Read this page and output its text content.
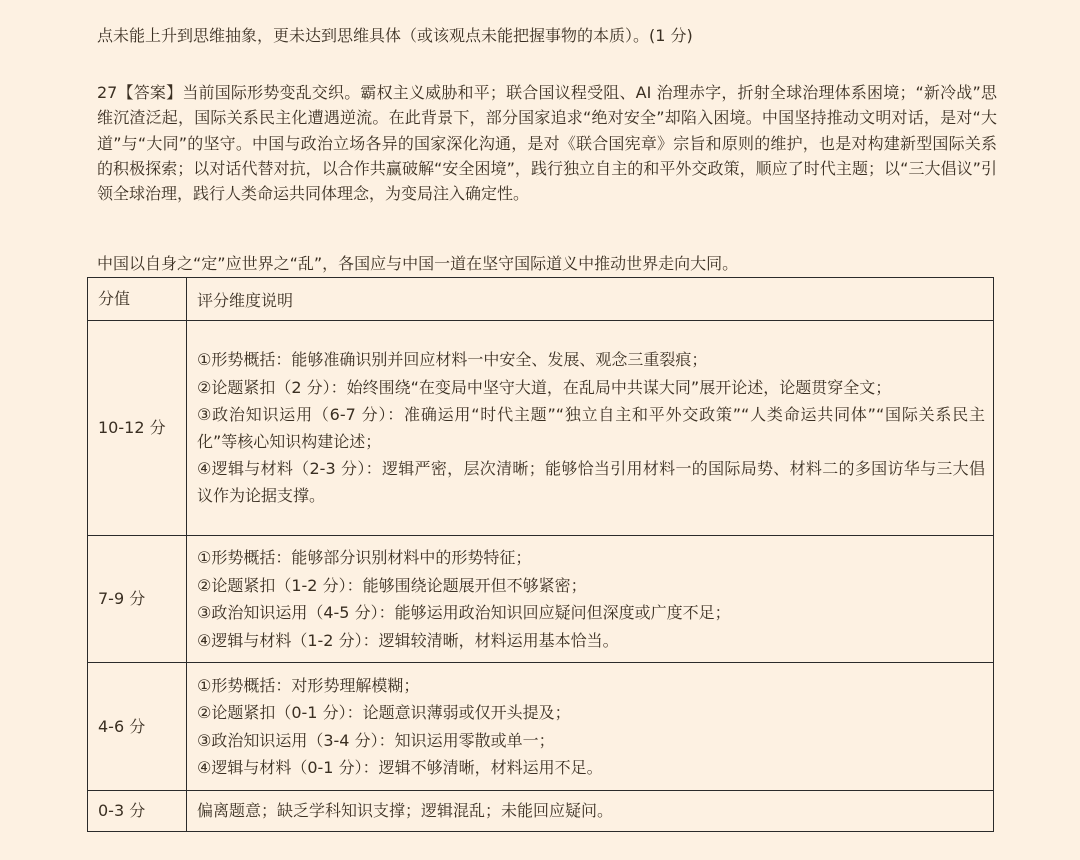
点未能上升到思维抽象，更未达到思维具体（或该观点未能把握事物的本质）。(1 分)

27【答案】当前国际形势变乱交织。霸权主义威胁和平；联合国议程受阻、AI 治理赤字，折射全球治理体系困境；“新冷战”思维沉渣泛起，国际关系民主化遭遇逆流。在此背景下，部分国家追求“绝对安全”却陷入困境。中国坚持推动文明对话，是对“大道”与“大同”的坚守。中国与政治立场各异的国家深化沟通，是对《联合国宪章》宗旨和原则的维护，也是对构建新型国际关系的积极探索；以对话代替对抗，以合作共赢破解“安全困境”，践行独立自主的和平外交政策，顺应了时代主题；以“三大倡议”引领全球治理，践行人类命运共同体理念，为变局注入确定性。

中国以自身之“定”应世界之“乱”，各国应与中国一道在坚守国际道义中推动世界走向大同。
分值	评分维度说明
10-12 分	①形势概括：能够准确识别并回应材料一中安全、发展、观念三重裂痕；
②论题紧扣（2 分）：始终围绕“在变局中坚守大道，在乱局中共谋大同”展开论述，论题贯穿全文；
③政治知识运用（6-7 分）：准确运用“时代主题”“独立自主和平外交政策”“人类命运共同体”“国际关系民主化”等核心知识构建论述；
④逻辑与材料（2-3 分）：逻辑严密，层次清晰；能够恰当引用材料一的国际局势、材料二的多国访华与三大倡议作为论据支撑。

7-9 分	①形势概括：能够部分识别材料中的形势特征；
②论题紧扣（1-2 分）：能够围绕论题展开但不够紧密；
③政治知识运用（4-5 分）：能够运用政治知识回应疑问但深度或广度不足；
④逻辑与材料（1-2 分）：逻辑较清晰，材料运用基本恰当。

4-6 分	①形势概括：对形势理解模糊；
②论题紧扣（0-1 分）：论题意识薄弱或仅开头提及；
③政治知识运用（3-4 分）：知识运用零散或单一；
④逻辑与材料（0-1 分）：逻辑不够清晰，材料运用不足。

0-3 分	偏离题意；缺乏学科知识支撑；逻辑混乱；未能回应疑问。
